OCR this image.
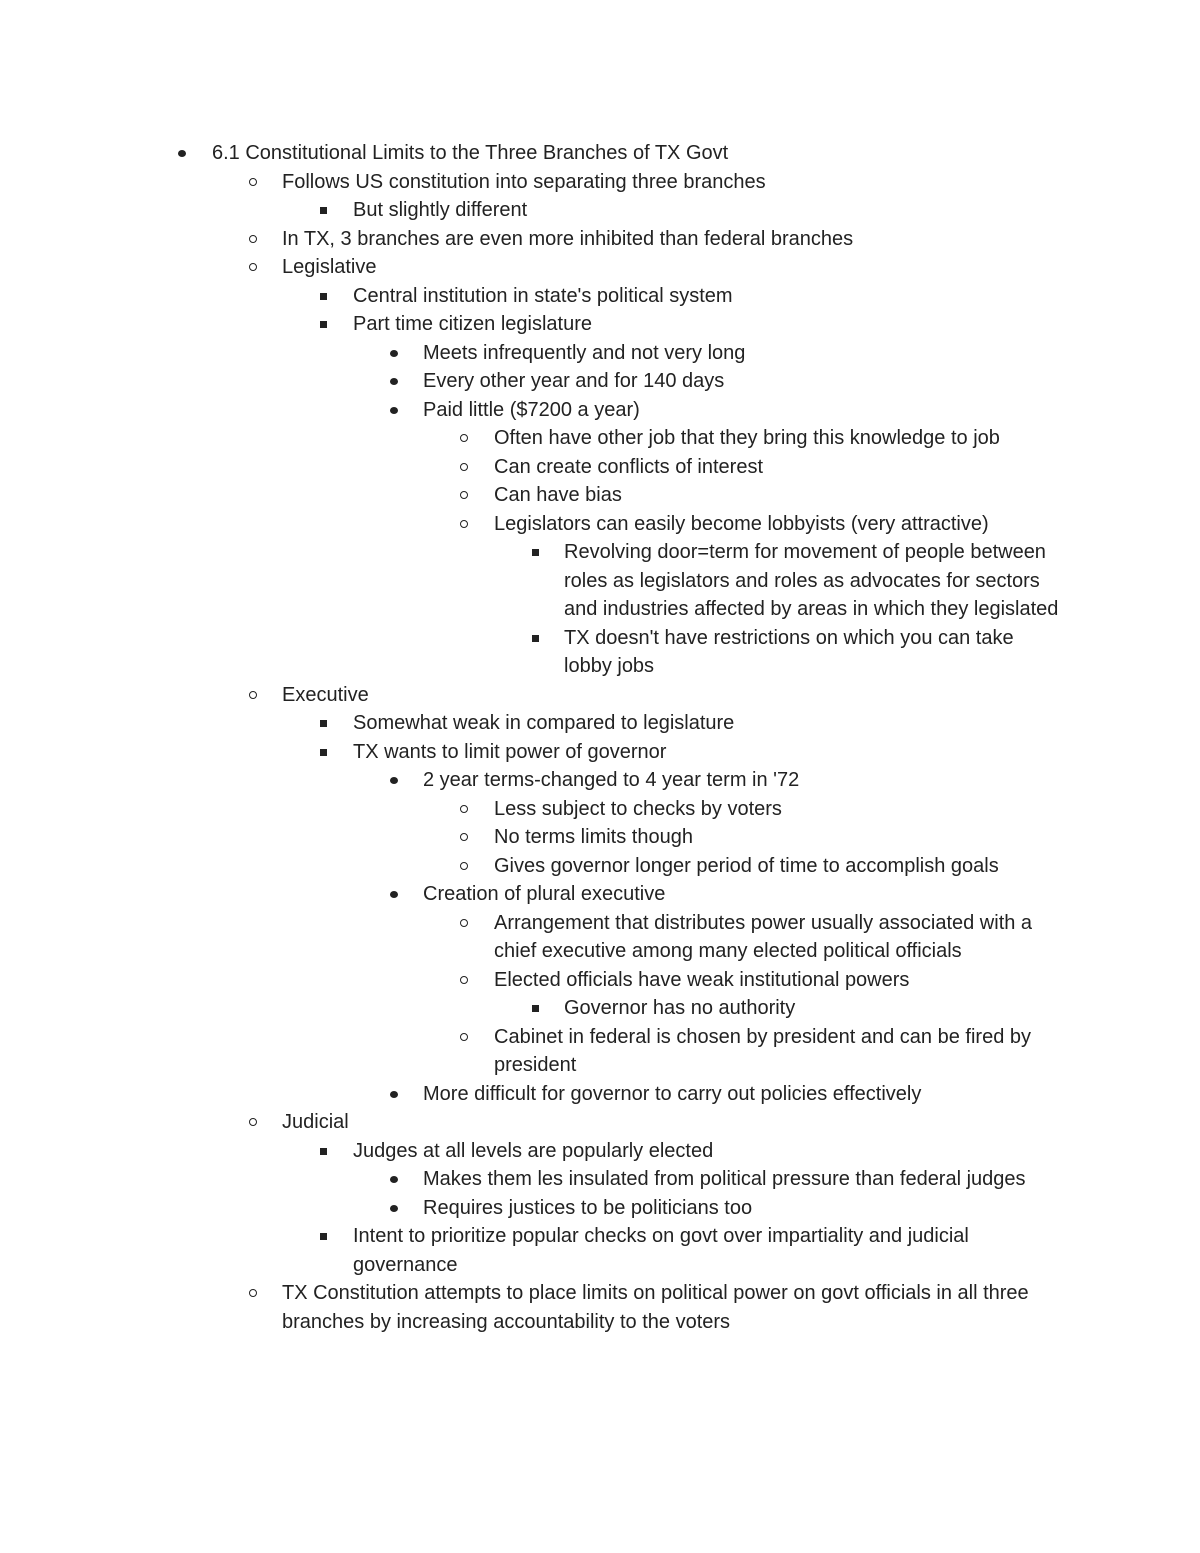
6.1 Constitutional Limits to the Three Branches of TX Govt
Follows US constitution into separating three branches
But slightly different
In TX, 3 branches are even more inhibited than federal branches
Legislative
Central institution in state's political system
Part time citizen legislature
Meets infrequently and not very long
Every other year and for 140 days
Paid little ($7200 a year)
Often have other job that they bring this knowledge to job
Can create conflicts of interest
Can have bias
Legislators can easily become lobbyists (very attractive)
Revolving door=term for movement of people between roles as legislators and roles as advocates for sectors and industries affected by areas in which they legislated
TX doesn't have restrictions on which you can take lobby jobs
Executive
Somewhat weak in compared to legislature
TX wants to limit power of governor
2 year terms-changed to 4 year term in '72
Less subject to checks by voters
No terms limits though
Gives governor longer period of time to accomplish goals
Creation of plural executive
Arrangement that distributes power usually associated with a chief executive among many elected political officials
Elected officials have weak institutional powers
Governor has no authority
Cabinet in federal is chosen by president and can be fired by president
More difficult for governor to carry out policies effectively
Judicial
Judges at all levels are popularly elected
Makes them les insulated from political pressure than federal judges
Requires justices to be politicians too
Intent to prioritize popular checks on govt over impartiality and judicial governance
TX Constitution attempts to place limits on political power on govt officials in all three branches by increasing accountability to the voters
